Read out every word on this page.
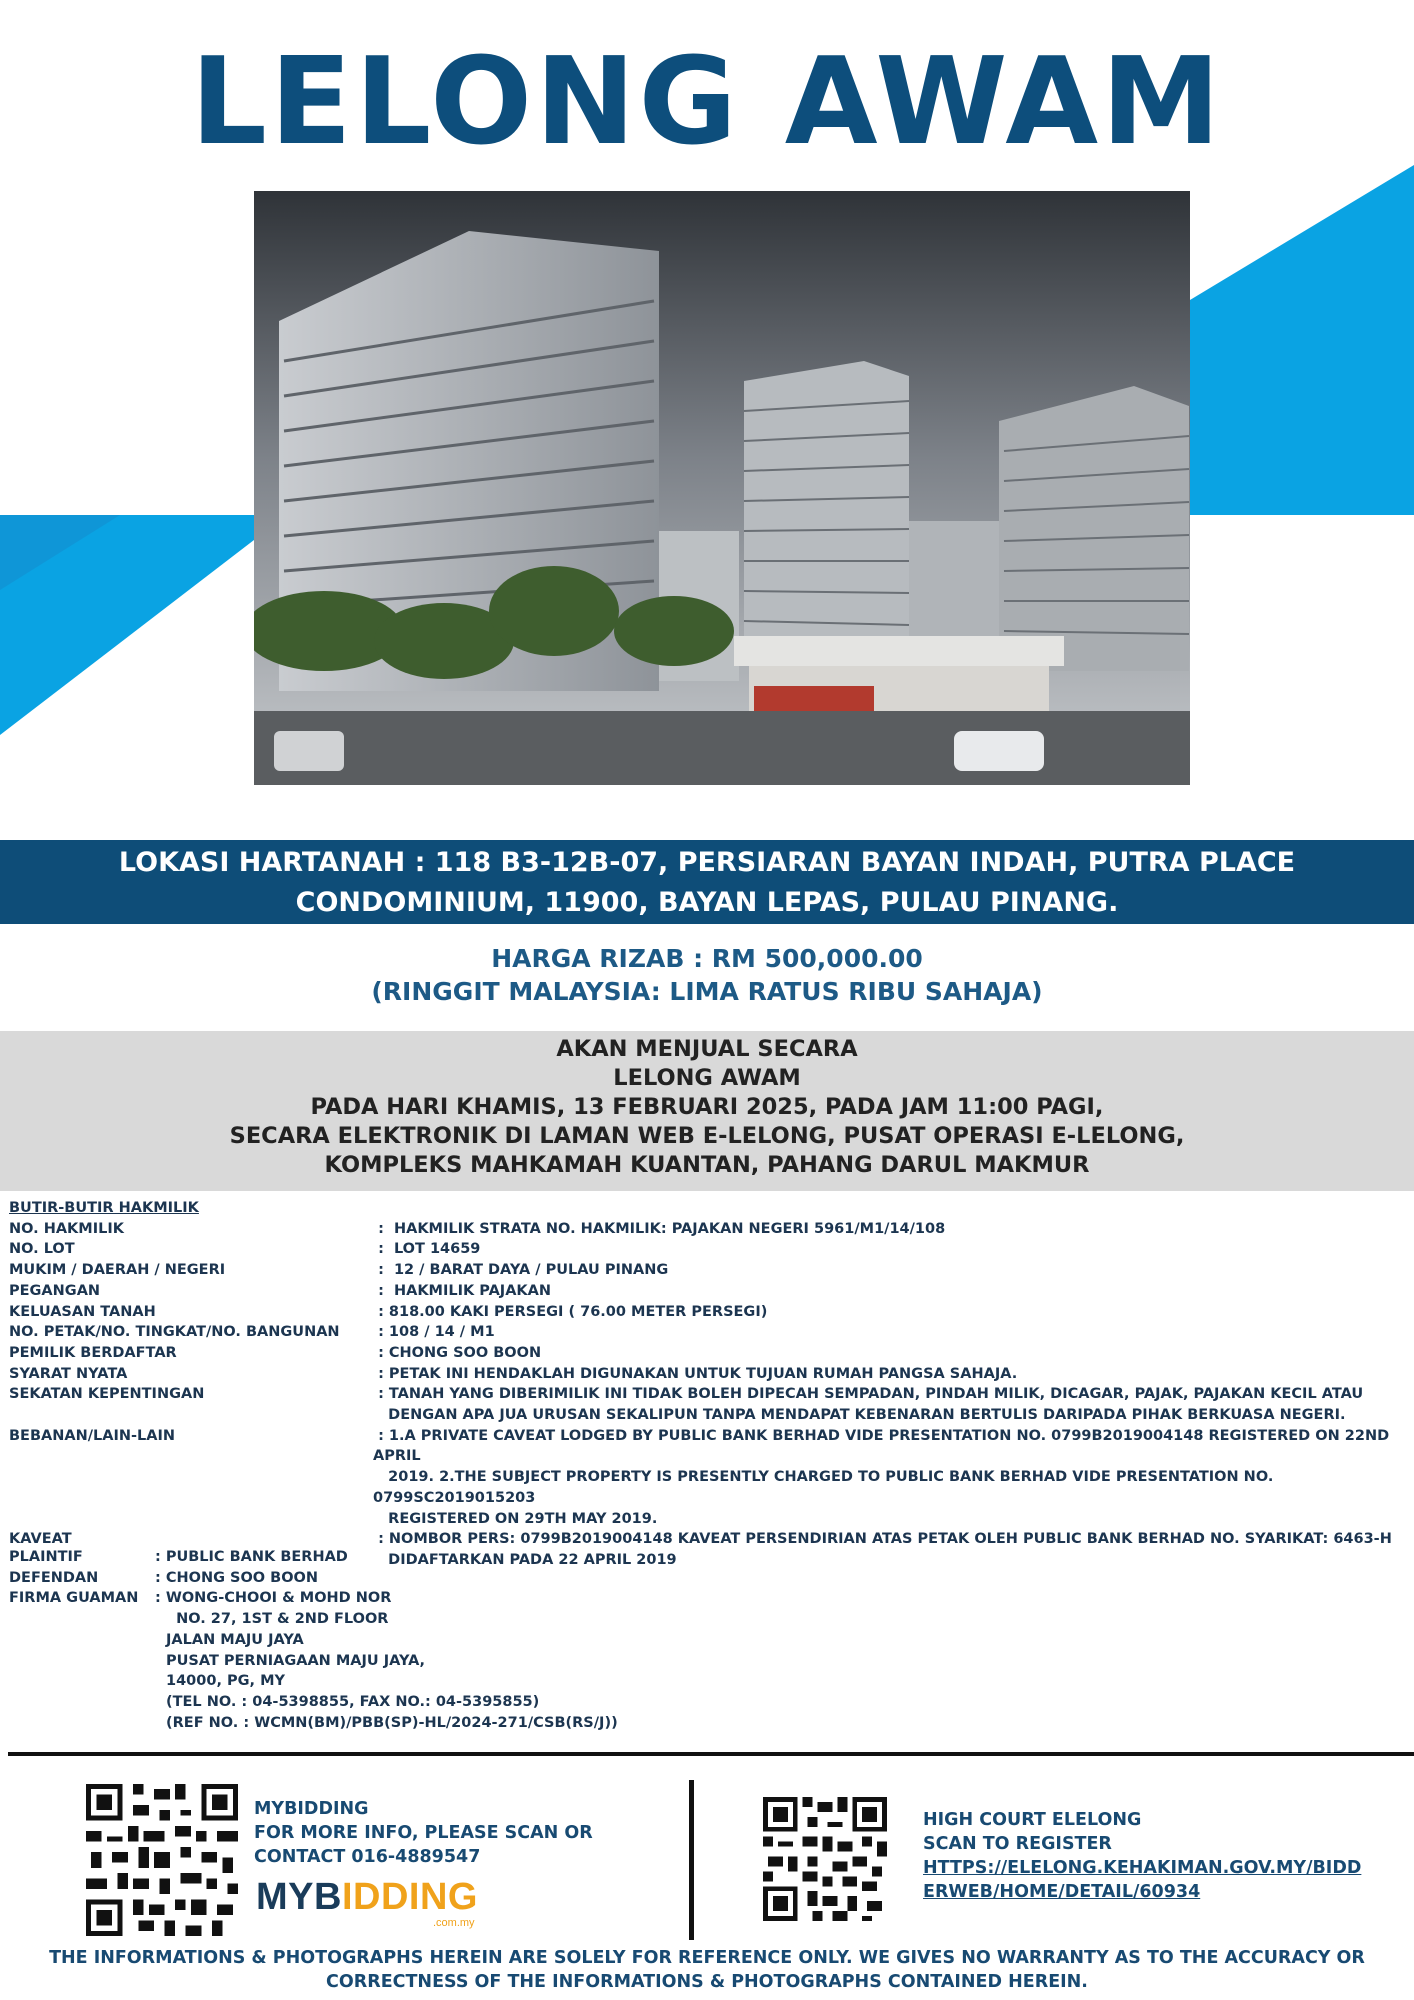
LELONG AWAM
LOKASI HARTANAH : 118 B3-12B-07, PERSIARAN BAYAN INDAH, PUTRA PLACE
CONDOMINIUM, 11900, BAYAN LEPAS, PULAU PINANG.
HARGA RIZAB : RM 500,000.00
(RINGGIT MALAYSIA: LIMA RATUS RIBU SAHAJA)
AKAN MENJUAL SECARA
LELONG AWAM
PADA HARI KHAMIS, 13 FEBRUARI 2025, PADA JAM 11:00 PAGI,
SECARA ELEKTRONIK DI LAMAN WEB E-LELONG, PUSAT OPERASI E-LELONG,
KOMPLEKS MAHKAMAH KUANTAN, PAHANG DARUL MAKMUR
BUTIR-BUTIR HAKMILIK
NO. HAKMILIK	:  HAKMILIK STRATA NO. HAKMILIK: PAJAKAN NEGERI 5961/M1/14/108
NO. LOT	:  LOT 14659
MUKIM / DAERAH / NEGERI	:  12 / BARAT DAYA / PULAU PINANG
PEGANGAN	:  HAKMILIK PAJAKAN
KELUASAN TANAH	: 818.00 KAKI PERSEGI ( 76.00 METER PERSEGI)
NO. PETAK/NO. TINGKAT/NO. BANGUNAN	: 108 / 14 / M1
PEMILIK BERDAFTAR	: CHONG SOO BOON
SYARAT NYATA	: PETAK INI HENDAKLAH DIGUNAKAN UNTUK TUJUAN RUMAH PANGSA SAHAJA.
SEKATAN KEPENTINGAN	: TANAH YANG DIBERIMILIK INI TIDAK BOLEH DIPECAH SEMPADAN, PINDAH MILIK, DICAGAR, PAJAK, PAJAKAN KECIL ATAU
DENGAN APA JUA URUSAN SEKALIPUN TANPA MENDAPAT KEBENARAN BERTULIS DARIPADA PIHAK BERKUASA NEGERI.
BEBANAN/LAIN-LAIN	: 1.A PRIVATE CAVEAT LODGED BY PUBLIC BANK BERHAD VIDE PRESENTATION NO. 0799B2019004148 REGISTERED ON 22ND APRIL
2019. 2.THE SUBJECT PROPERTY IS PRESENTLY CHARGED TO PUBLIC BANK BERHAD VIDE PRESENTATION NO. 0799SC2019015203
REGISTERED ON 29TH MAY 2019.
KAVEAT	: NOMBOR PERS: 0799B2019004148 KAVEAT PERSENDIRIAN ATAS PETAK OLEH PUBLIC BANK BERHAD NO. SYARIKAT: 6463-H
DIDAFTARKAN PADA 22 APRIL 2019
PLAINTIF	: PUBLIC BANK BERHAD
DEFENDAN	: CHONG SOO BOON
FIRMA GUAMAN	: WONG-CHOOI & MOHD NOR
NO. 27, 1ST & 2ND FLOOR
JALAN MAJU JAYA
PUSAT PERNIAGAAN MAJU JAYA,
14000, PG, MY
(TEL NO. : 04-5398855, FAX NO.: 04-5395855)
(REF NO. : WCMN(BM)/PBB(SP)-HL/2024-271/CSB(RS/J))
MYBIDDING
FOR MORE INFO, PLEASE SCAN OR
CONTACT 016-4889547
MYBIDDING
.com.my
HIGH COURT ELELONG
SCAN TO REGISTER
HTTPS://ELELONG.KEHAKIMAN.GOV.MY/BIDD
ERWEB/HOME/DETAIL/60934
THE INFORMATIONS & PHOTOGRAPHS HEREIN ARE SOLELY FOR REFERENCE ONLY. WE GIVES NO WARRANTY AS TO THE ACCURACY OR
CORRECTNESS OF THE INFORMATIONS & PHOTOGRAPHS CONTAINED HEREIN.
